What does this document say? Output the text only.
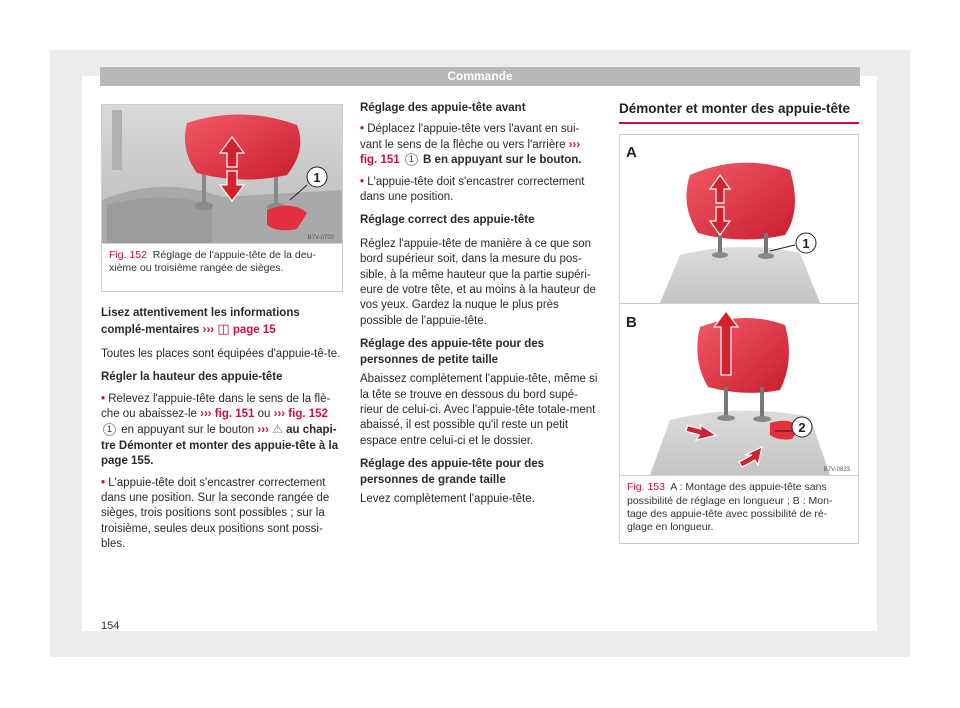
Commande
1
B7V-0703
Fig. 152 Réglage de l'appuie-tête de la deu-xième ou troisième rangée de sièges.
Lisez attentivement les informations complé-mentaires ››› ◫ page 15
Toutes les places sont équipées d'appuie-tê-te.
Régler la hauteur des appuie-tête
• Relevez l'appuie-tête dans le sens de la flè-che ou abaissez-le ››› fig. 151 ou ››› fig. 152 1 en appuyant sur le bouton ››› ⚠ au chapi-tre Démonter et monter des appuie-tête à la page 155.
• L'appuie-tête doit s'encastrer correctement dans une position. Sur la seconde rangée de sièges, trois positions sont possibles ; sur la troisième, seules deux positions sont possi-bles.
Réglage des appuie-tête avant
• Déplacez l'appuie-tête vers l'avant en sui-vant le sens de la flèche ou vers l'arrière ››› fig. 151 1 B en appuyant sur le bouton.
• L'appuie-tête doit s'encastrer correctement dans une position.
Réglage correct des appuie-tête
Réglez l'appuie-tête de manière à ce que son bord supérieur soit, dans la mesure du pos-sible, à la même hauteur que la partie supéri-eure de votre tête, et au moins à la hauteur de vos yeux. Gardez la nuque le plus près possible de l'appuie-tête.
Réglage des appuie-tête pour des personnes de petite taille
Abaissez complètement l'appuie-tête, même si la tête se trouve en dessous du bord supé-rieur de celui-ci. Avec l'appuie-tête totale-ment abaissé, il est possible qu'il reste un petit espace entre celui-ci et le dossier.
Réglage des appuie-tête pour des personnes de grande taille
Levez complètement l'appuie-tête.
Démonter et monter des appuie-tête
1
2
B7V-0823
A
B
Fig. 153 A : Montage des appuie-tête sans possibilité de réglage en longueur ; B : Mon-tage des appuie-tête avec possibilité de ré-glage en longueur.
154
